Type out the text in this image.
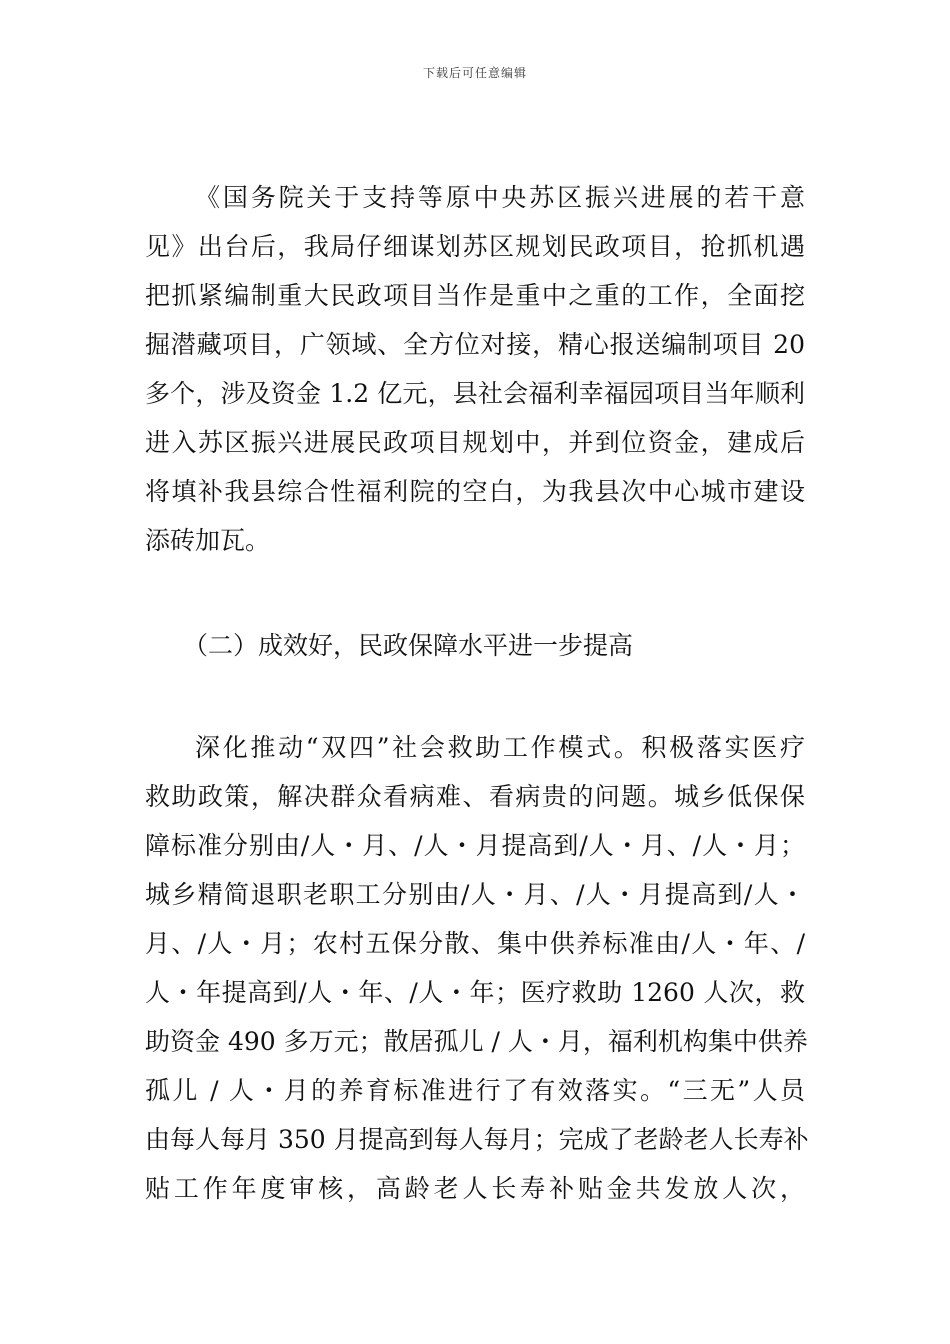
下载后可任意编辑
《国务院关于支持等原中央苏区振兴进展的若干意
见》出台后，我局仔细谋划苏区规划民政项目，抢抓机遇
把抓紧编制重大民政项目当作是重中之重的工作，全面挖
掘潜藏项目，广领域、全方位对接，精心报送编制项目 20
多个，涉及资金 1.2 亿元，县社会福利幸福园项目当年顺利
进入苏区振兴进展民政项目规划中，并到位资金，建成后
将填补我县综合性福利院的空白，为我县次中心城市建设
添砖加瓦。
（二）成效好，民政保障水平进一步提高
深化推动“双四”社会救助工作模式。积极落实医疗
救助政策，解决群众看病难、看病贵的问题。城乡低保保
障标准分别由/人・月、/人・月提高到/人・月、/人・月；
城乡精简退职老职工分别由/人・月、/人・月提高到/人・
月、/人・月；农村五保分散、集中供养标准由/人・年、/
人・年提高到/人・年、/人・年；医疗救助 1260 人次，救
助资金 490 多万元；散居孤儿 / 人・月，福利机构集中供养
孤儿 / 人・月的养育标准进行了有效落实。“三无”人员
由每人每月 350 月提高到每人每月；完成了老龄老人长寿补
贴工作年度审核，高龄老人长寿补贴金共发放人次，
